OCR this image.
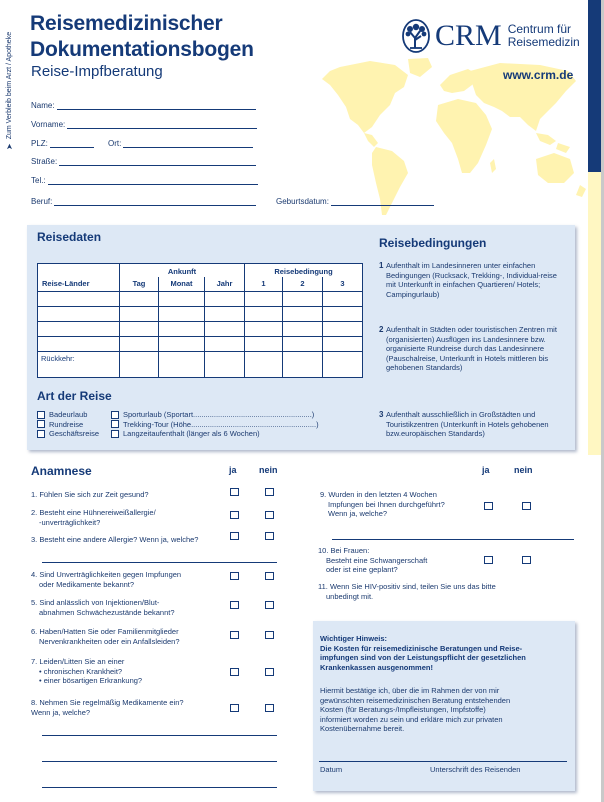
➤
Zum Verbleib beim Arzt / Apotheke
Reisemedizinischer
Dokumentationsbogen
Reise-Impfberatung
CRM Centrum für
Reisemedizin
www.crm.de
Name:
Vorname:
PLZ:	Ort:
Straße:
Tel.:
Beruf:	Geburtsdatum:
Reisedaten
Reise-Länder	Ankunft			Reisebedingung		
	Tag	Monat	Jahr	1	2	3

Rückkehr:						
Reisebedingungen
1 Aufenthalt im Landesinneren unter einfachen Bedingungen (Rucksack, Trekking-, Individual-reise mit Unterkunft in einfachen Quartieren/ Hotels; Campingurlaub)
2 Aufenthalt in Städten oder touristischen Zentren mit (organisierten) Ausflügen ins Landesinnere bzw. organisierte Rundreise durch das Landesinnere (Pauschalreise, Unterkunft in Hotels mittleren bis gehobenen Standards)
3 Aufenthalt ausschließlich in Großstädten und Touristikzentren (Unterkunft in Hotels gehobenen bzw.europäischen Standards)
Art der Reise
Badeurlaub
Rundreise
Geschäftsreise
Sporturlaub (Sportart.........................................................)
Trekking-Tour (Höhe............................................................)
Langzeitaufenthalt (länger als 6 Wochen)
Anamnese	ja nein	ja	nein
1. Fühlen Sie sich zur Zeit gesund?
2. Besteht eine Hühnereiweißallergie/
-unverträglichkeit?
3. Besteht eine andere Allergie? Wenn ja, welche?
4. Sind Unverträglichkeiten gegen Impfungen
oder Medikamente bekannt?
5. Sind anlässlich von Injektionen/Blut-
abnahmen Schwächezustände bekannt?
6. Haben/Hatten Sie oder Familienmitglieder
Nervenkrankheiten oder ein Anfallsleiden?
7. Leiden/Litten Sie an einer
• chronischen Krankheit?
• einer bösartigen Erkrankung?
8. Nehmen Sie regelmäßig Medikamente ein?
Wenn ja, welche?
9. Wurden in den letzten 4 Wochen
Impfungen bei Ihnen durchgeführt?
Wenn ja, welche?
10. Bei Frauen:
Besteht eine Schwangerschaft
oder ist eine geplant?
11. Wenn Sie HIV-positiv sind, teilen Sie uns das bitte
unbedingt mit.
Wichtiger Hinweis:
Die Kosten für reisemedizinische Beratungen und Reise-
impfungen sind von der Leistungspflicht der gesetzlichen
Krankenkassen ausgenommen!
Hiermit bestätige ich, über die im Rahmen der von mir
gewünschten reisemedizinischen Beratung entstehenden
Kosten (für Beratungs-/Impfleistungen, Impfstoffe)
informiert worden zu sein und erkläre mich zur privaten
Kostenübernahme bereit.
Datum	Unterschrift des Reisenden
